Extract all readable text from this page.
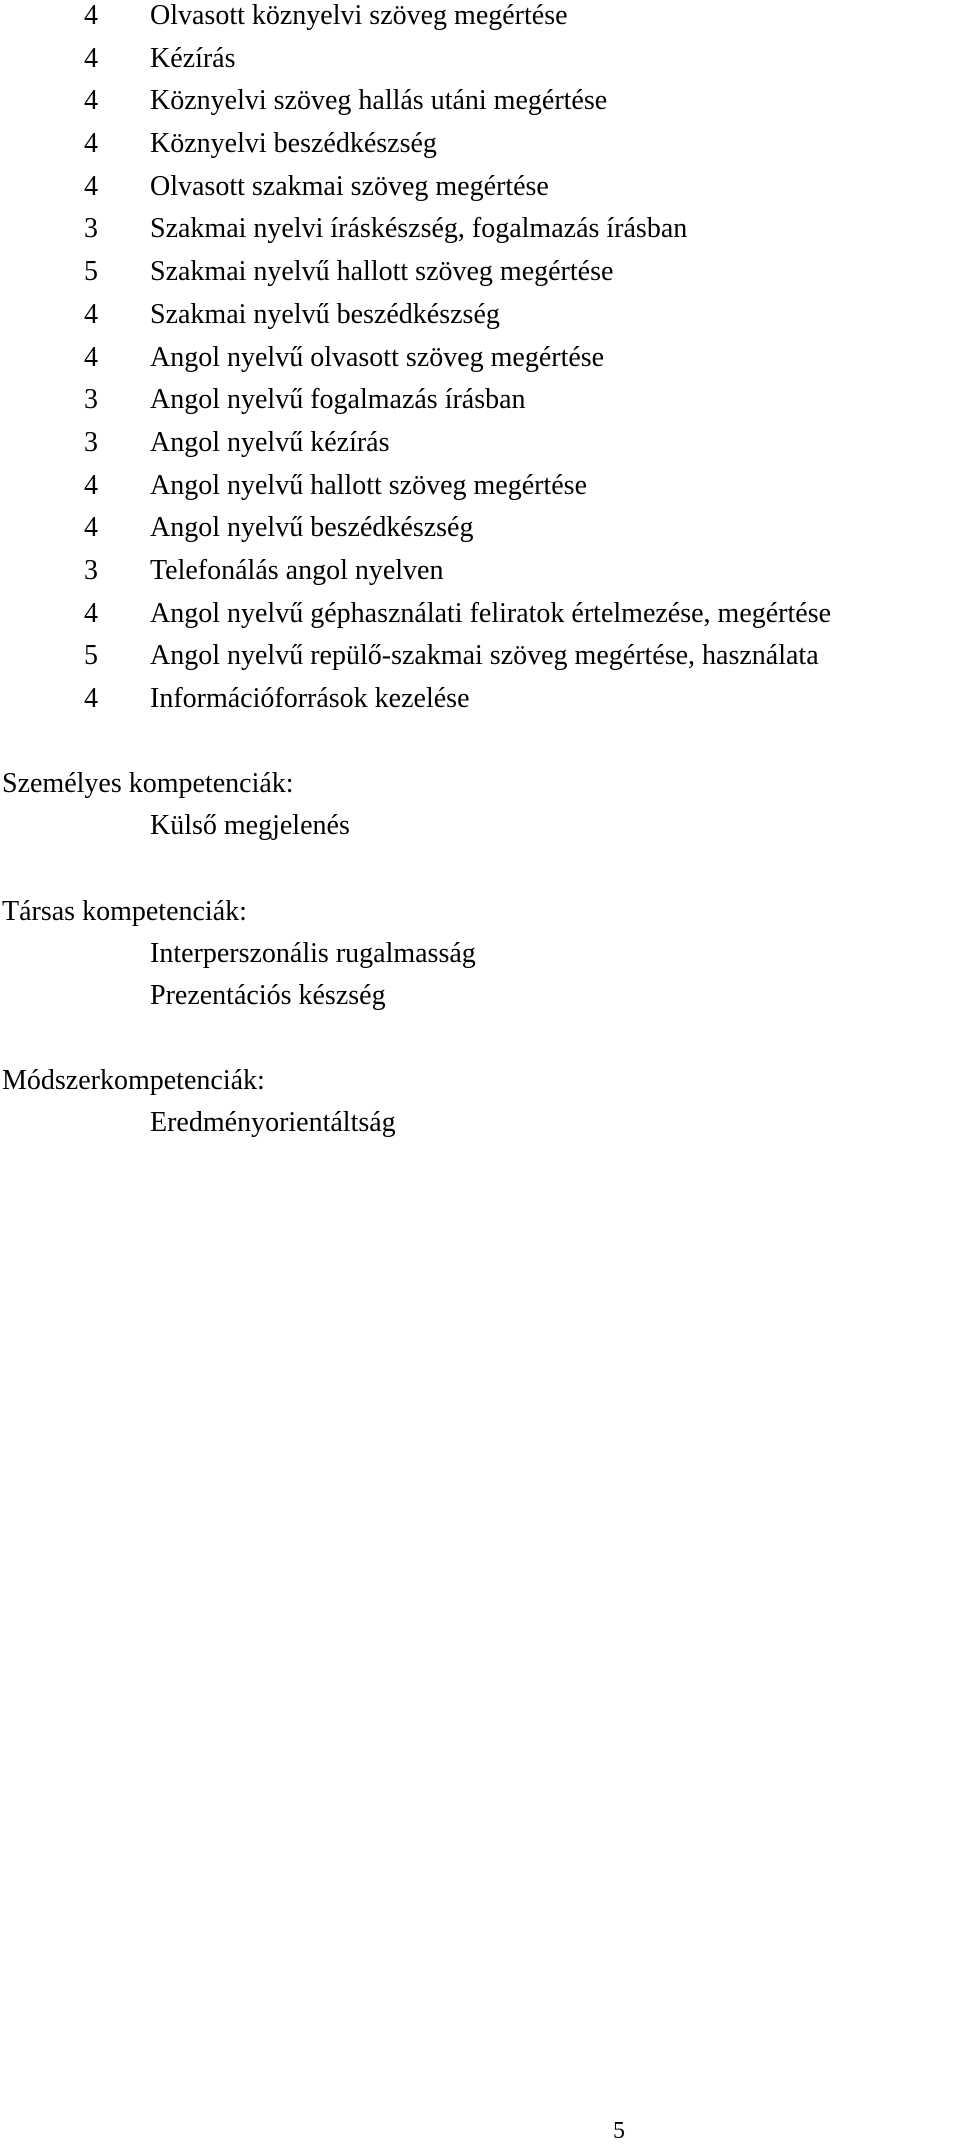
4 Olvasott köznyelvi szöveg megértése
4 Kézírás
4 Köznyelvi szöveg hallás utáni megértése
4 Köznyelvi beszédkészség
4 Olvasott szakmai szöveg megértése
3 Szakmai nyelvi íráskészség, fogalmazás írásban
5 Szakmai nyelvű hallott szöveg megértése
4 Szakmai nyelvű beszédkészség
4 Angol nyelvű olvasott szöveg megértése
3 Angol nyelvű fogalmazás írásban
3 Angol nyelvű kézírás
4 Angol nyelvű hallott szöveg megértése
4 Angol nyelvű beszédkészség
3 Telefonálás angol nyelven
4 Angol nyelvű géphasználati feliratok értelmezése, megértése
5 Angol nyelvű repülő-szakmai szöveg megértése, használata
4 Információforrások kezelése
Személyes kompetenciák:
Külső megjelenés
Társas kompetenciák:
Interperszonális rugalmasság
Prezentációs készség
Módszerkompetenciák:
Eredményorientáltság
5
